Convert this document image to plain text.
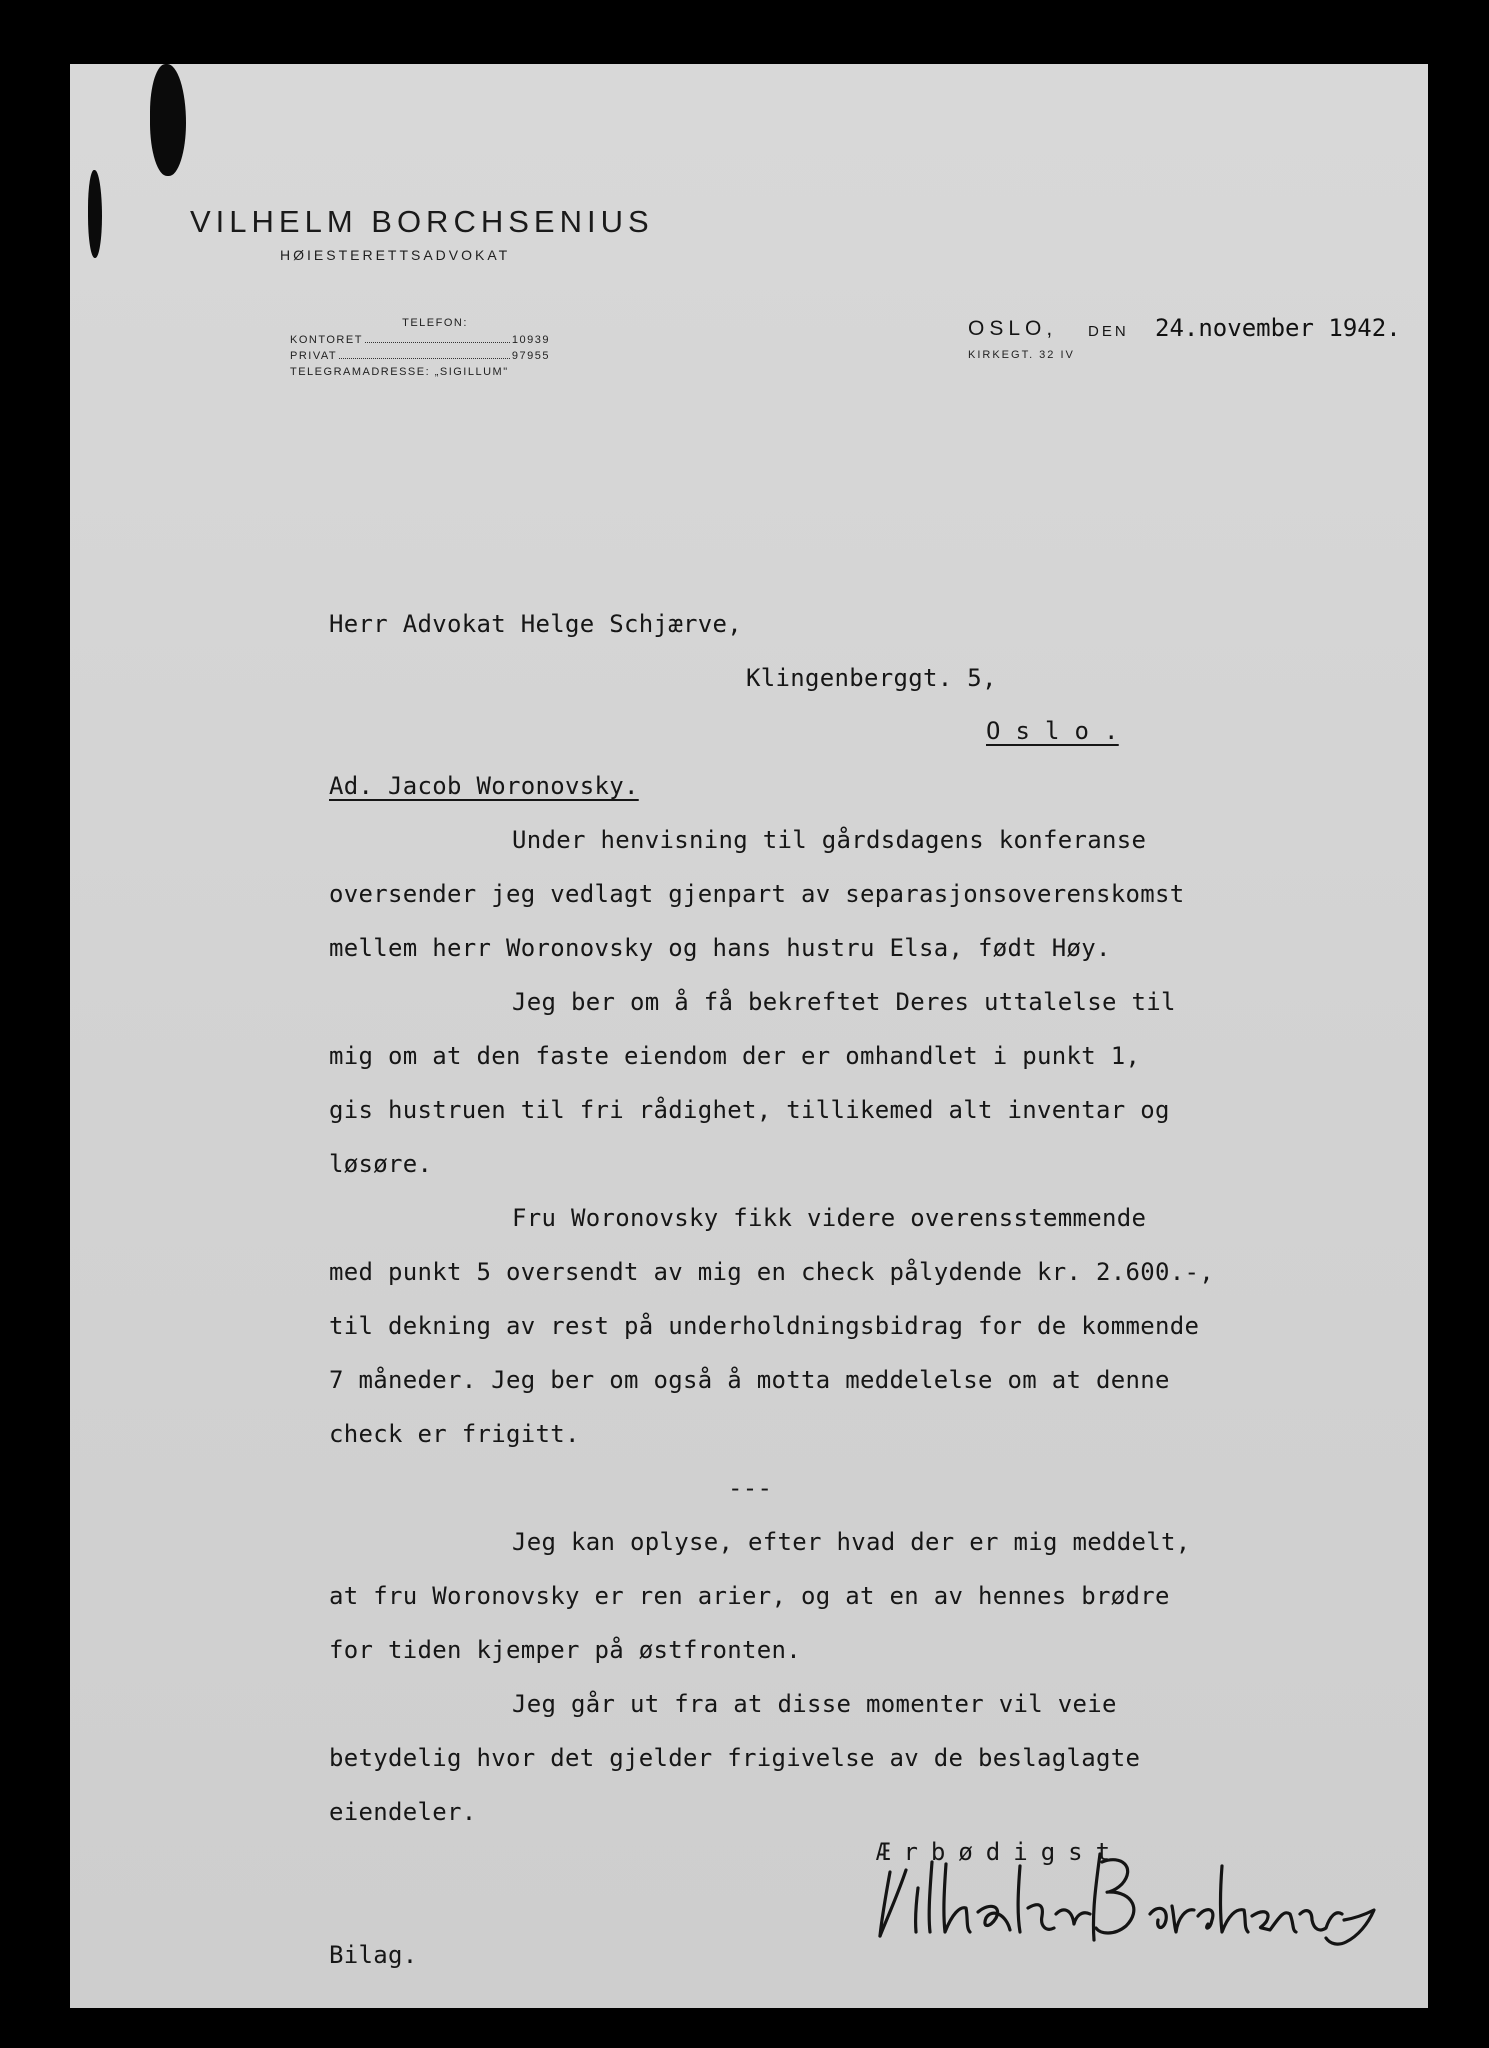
VILHELM BORCHSENIUS
HØIESTERETTSADVOKAT
TELEFON:
KONTORET	10939
PRIVAT	97955
TELEGRAMADRESSE: „SIGILLUM"
OSLO, DEN 24.november 1942.
KIRKEGT. 32 IV
Herr Advokat Helge Schjærve,
Klingenberggt. 5,
O s l o .
Ad. Jacob Woronovsky.
Under henvisning til gårdsdagens konferanse
oversender jeg vedlagt gjenpart av separasjonsoverenskomst
mellem herr Woronovsky og hans hustru Elsa, født Høy.
Jeg ber om å få bekreftet Deres uttalelse til
mig om at den faste eiendom der er omhandlet i punkt 1,
gis hustruen til fri rådighet, tillikemed alt inventar og
løsøre.
Fru Woronovsky fikk videre overensstemmende
med punkt 5 oversendt av mig en check pålydende kr. 2.600.-,
til dekning av rest på underholdningsbidrag for de kommende
7 måneder. Jeg ber om også å motta meddelelse om at denne
check er frigitt.
---
Jeg kan oplyse, efter hvad der er mig meddelt,
at fru Woronovsky er ren arier, og at en av hennes brødre
for tiden kjemper på østfronten.
Jeg går ut fra at disse momenter vil veie
betydelig hvor det gjelder frigivelse av de beslaglagte
eiendeler.
Ærbødigst
Bilag.
